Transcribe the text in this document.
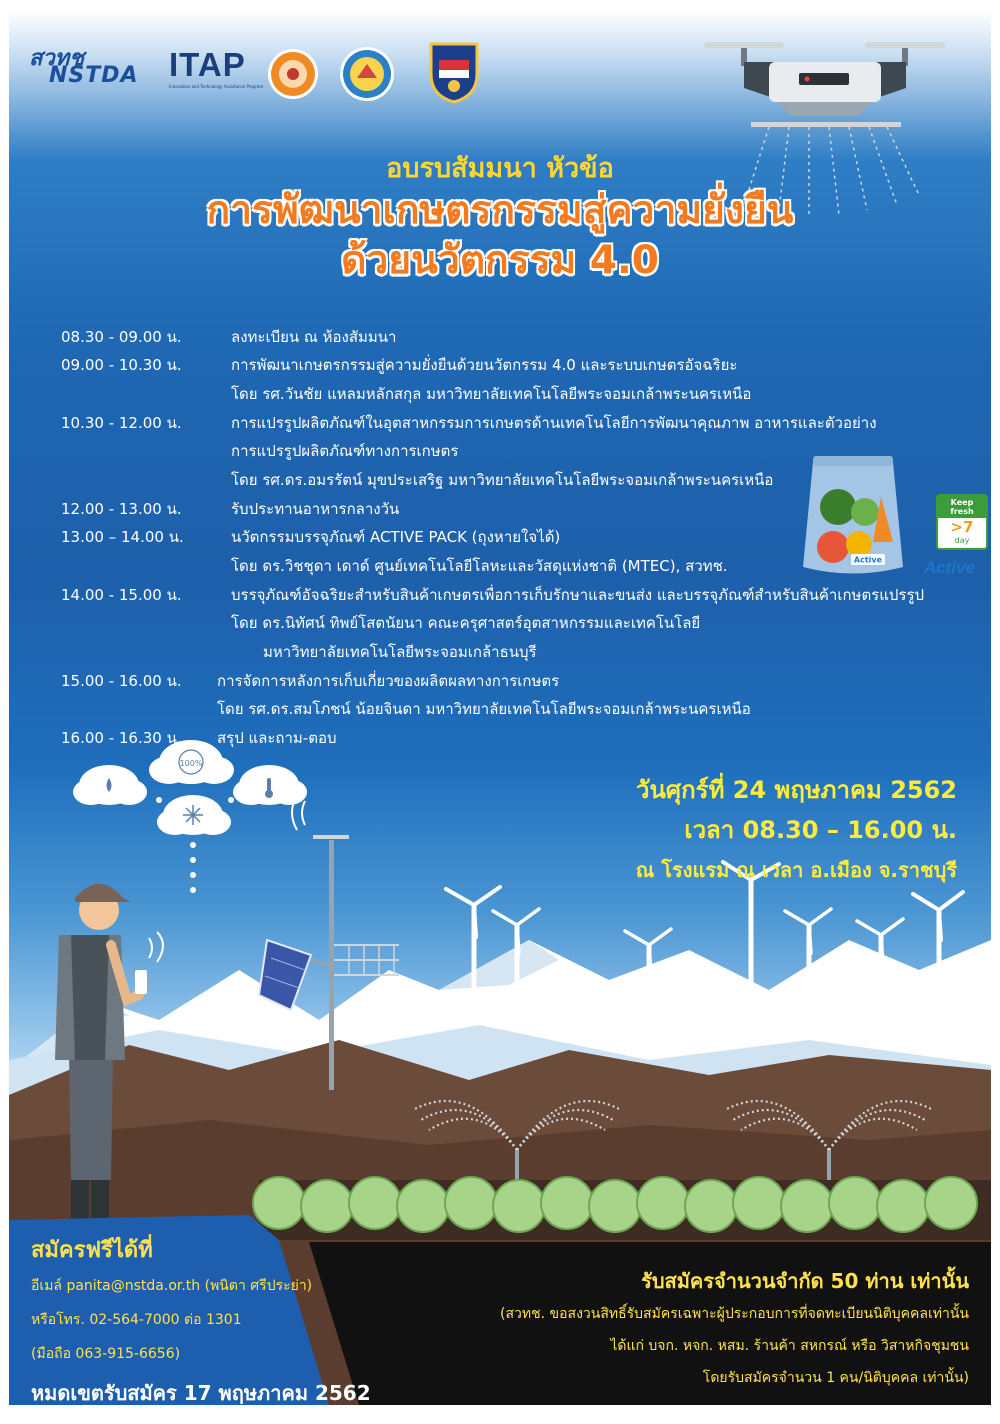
100%
สวทช
NSTDA ITAP
Innovation and Technology Assistance Program
อบรบสัมมนา หัวข้อ
การพัฒนาเกษตรกรรมสู่ความยั่งยืน
ด้วยนวัตกรรม 4.0
08.30 - 09.00 น.	ลงทะเบียน ณ ห้องสัมมนา
09.00 - 10.30 น.	การพัฒนาเกษตรกรรมสู่ความยั่งยืนด้วยนวัตกรรม 4.0 และระบบเกษตรอัจฉริยะ
โดย รศ.วันชัย แหลมหลักสกุล มหาวิทยาลัยเทคโนโลยีพระจอมเกล้าพระนครเหนือ
10.30 - 12.00 น.	การแปรรูปผลิตภัณฑ์ในอุตสาหกรรมการเกษตรด้านเทคโนโลยีการพัฒนาคุณภาพ อาหารและตัวอย่าง
การแปรรูปผลิตภัณฑ์ทางการเกษตร
โดย รศ.ดร.อมรรัตน์ มุขประเสริฐ มหาวิทยาลัยเทคโนโลยีพระจอมเกล้าพระนครเหนือ
12.00 - 13.00 น.	รับประทานอาหารกลางวัน
13.00 – 14.00 น.	นวัตกรรมบรรจุภัณฑ์ ACTIVE PACK (ถุงหายใจได้)
โดย ดร.วิชชุดา เดาด์ ศูนย์เทคโนโลยีโลหะและวัสดุแห่งชาติ (MTEC), สวทช.
14.00 - 15.00 น.	บรรจุภัณฑ์อัจฉริยะสำหรับสินค้าเกษตรเพื่อการเก็บรักษาและขนส่ง และบรรจุภัณฑ์สำหรับสินค้าเกษตรแปรรูป
โดย ดร.นิทัศน์ ทิพย์โสตนัยนา คณะครุศาสตร์อุตสาหกรรมและเทคโนโลยี
มหาวิทยาลัยเทคโนโลยีพระจอมเกล้าธนบุรี
15.00 - 16.00 น. การจัดการหลังการเก็บเกี่ยวของผลิตผลทางการเกษตร
โดย รศ.ดร.สมโภชน์ น้อยจินดา มหาวิทยาลัยเทคโนโลยีพระจอมเกล้าพระนครเหนือ
16.00 - 16.30 น. สรุป และถาม-ตอบ
Active
Keep fresh
>7
day
Active
วันศุกร์ที่ 24 พฤษภาคม 2562
เวลา 08.30 – 16.00 น.
ณ โรงแรม ณ เวลา อ.เมือง จ.ราชบุรี
สมัครฟรีได้ที่
อีเมล์ panita@nstda.or.th (พนิตา ศรีประย่า)
หรือโทร. 02-564-7000 ต่อ 1301
(มือถือ 063-915-6656)
หมดเขตรับสมัคร 17 พฤษภาคม 2562
รับสมัครจำนวนจำกัด 50 ท่าน เท่านั้น
(สวทช. ขอสงวนสิทธิ์รับสมัครเฉพาะผู้ประกอบการที่จดทะเบียนนิติบุคคลเท่านั้น
ได้แก่ บจก. หจก. หสม. ร้านค้า สหกรณ์ หรือ วิสาหกิจชุมชน
โดยรับสมัครจำนวน 1 คน/นิติบุคคล เท่านั้น)
